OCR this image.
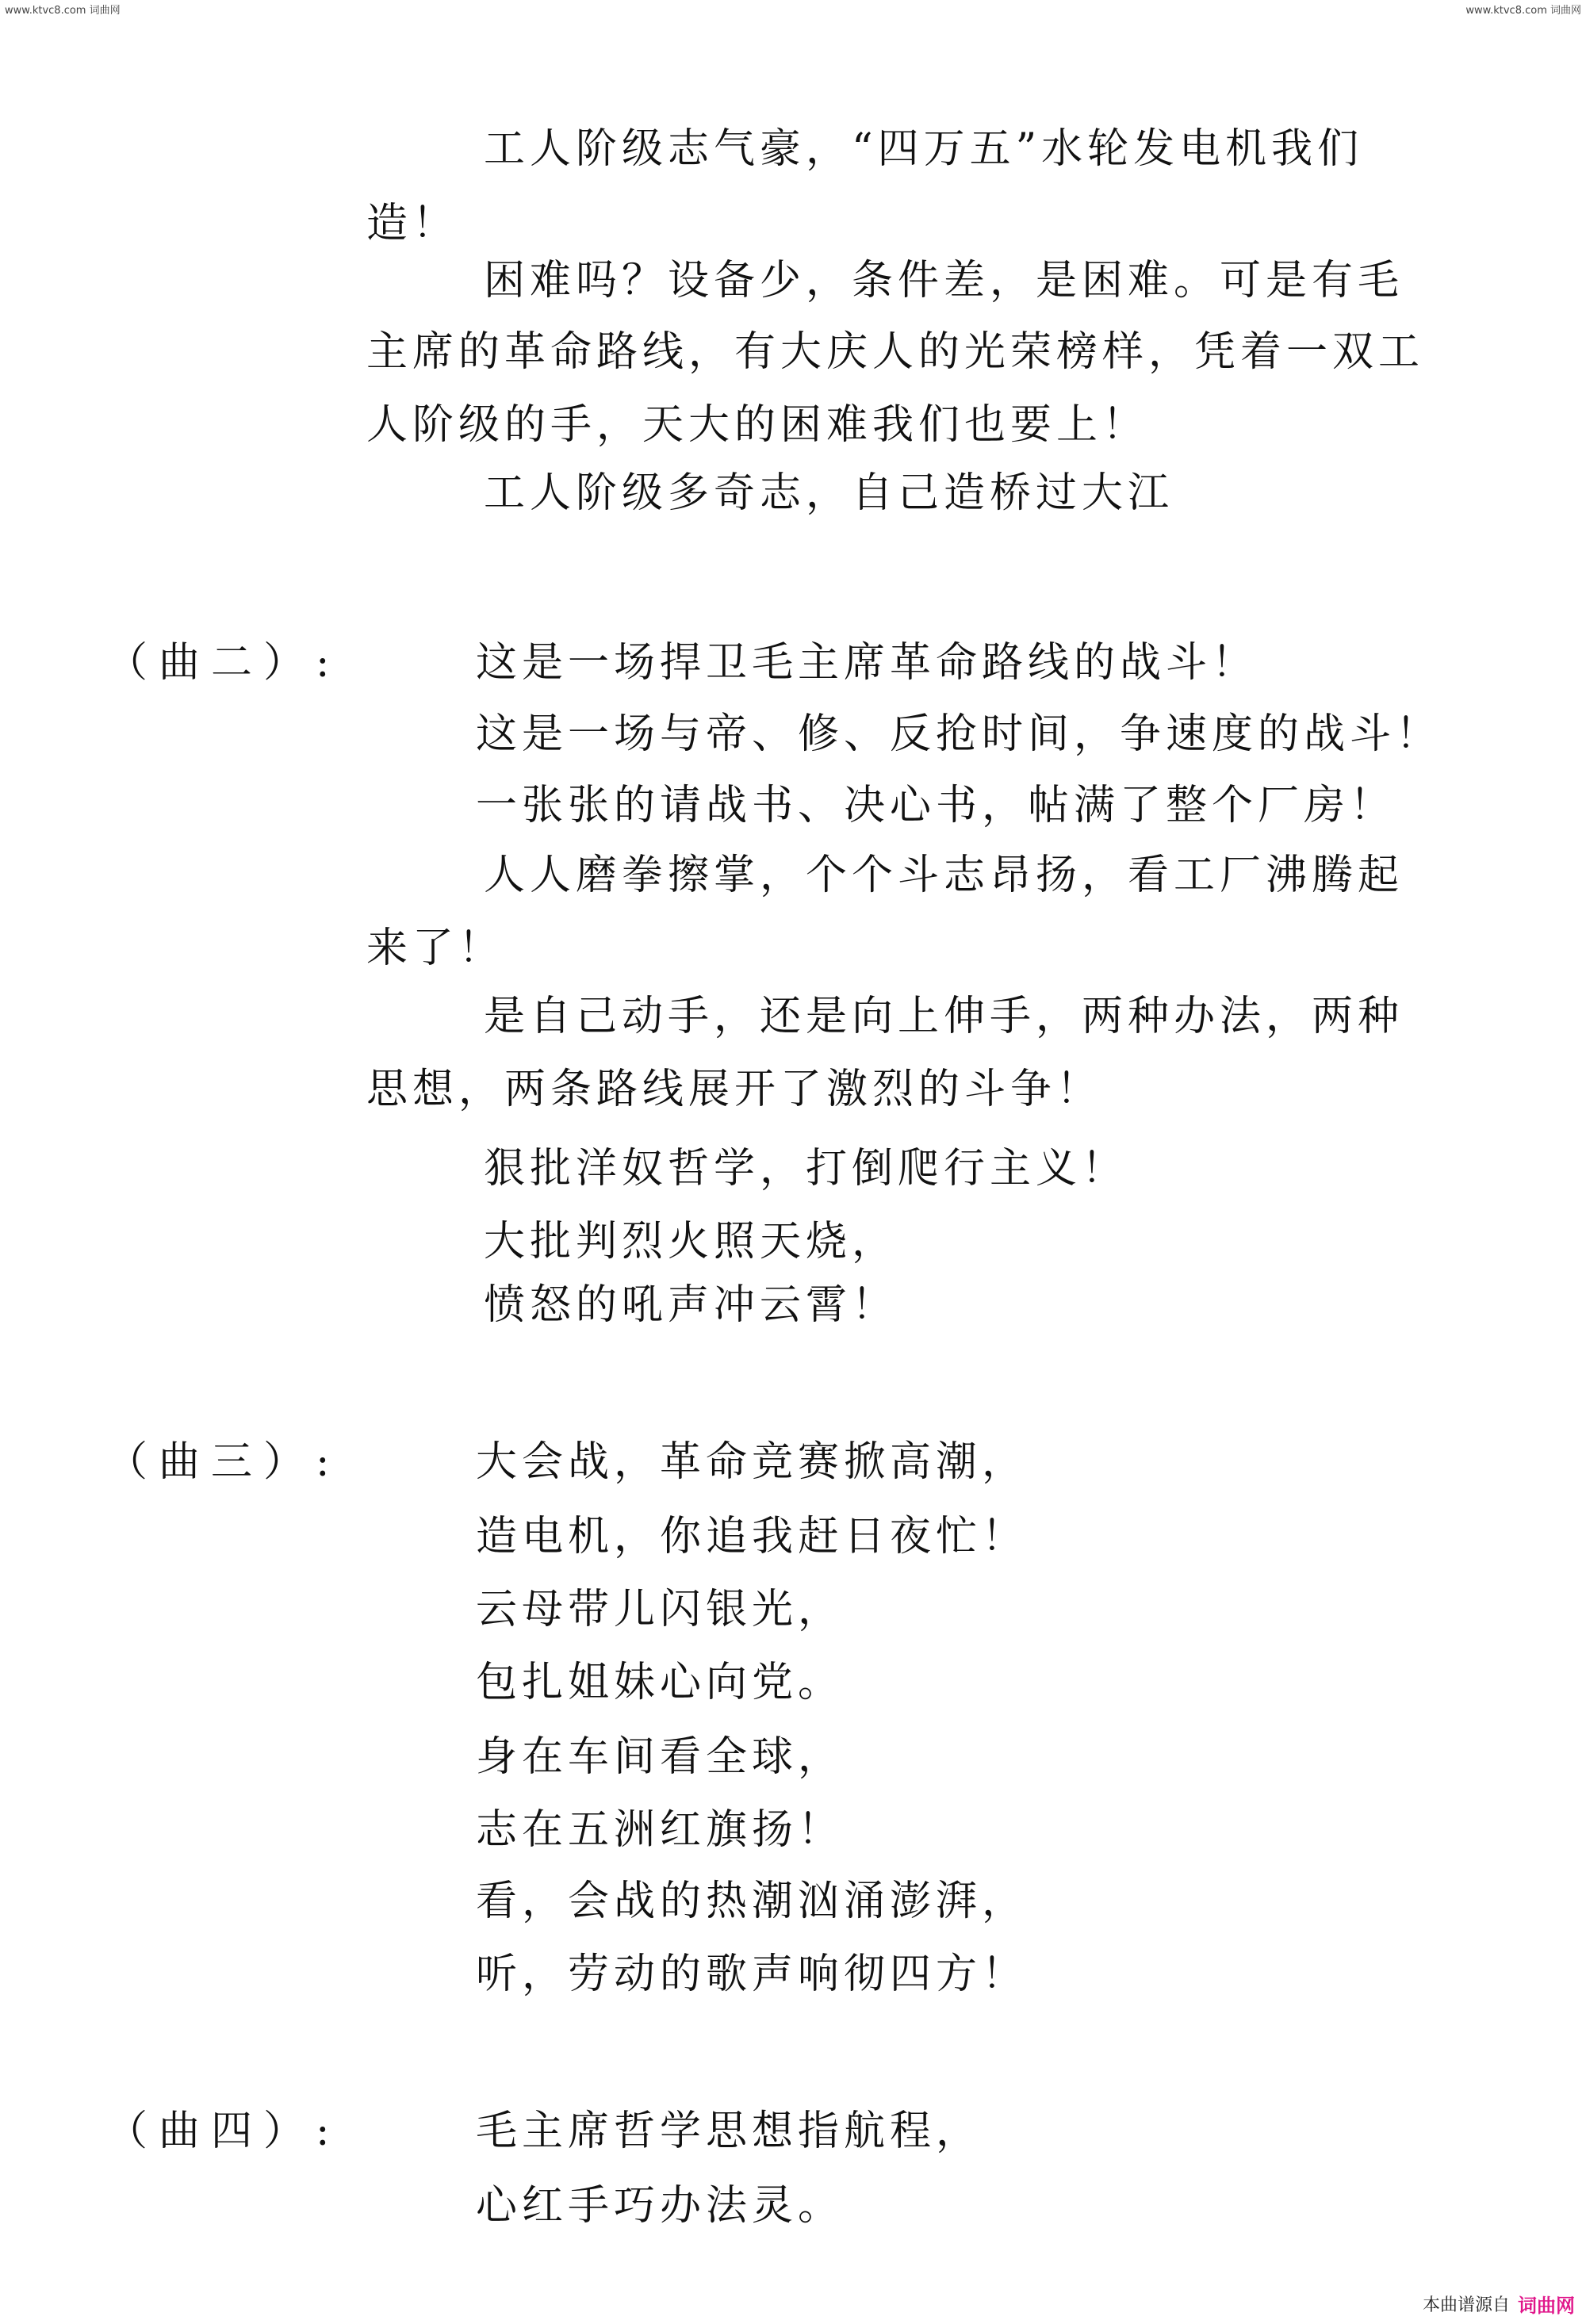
www.ktvc8.com 词曲网	www.ktvc8.com 词曲网
工人阶级志气豪，“四万五”水轮发电机我们
造！
困难吗？设备少，条件差，是困难。可是有毛
主席的革命路线，有大庆人的光荣榜样，凭着一双工
人阶级的手，天大的困难我们也要上！
工人阶级多奇志，自己造桥过大江
（曲二）:	这是一场捍卫毛主席革命路线的战斗！
这是一场与帝、修、反抢时间，争速度的战斗！
一张张的请战书、决心书，帖满了整个厂房！
人人磨拳擦掌，个个斗志昂扬，看工厂沸腾起
来了！
是自己动手，还是向上伸手，两种办法，两种
思想，两条路线展开了激烈的斗争！
狠批洋奴哲学，打倒爬行主义！
大批判烈火照天烧，
愤怒的吼声冲云霄！
（曲三）:	大会战，革命竞赛掀高潮，
造电机，你追我赶日夜忙！
云母带儿闪银光，
包扎姐妹心向党。
身在车间看全球，
志在五洲红旗扬！
看，会战的热潮汹涌澎湃，
听，劳动的歌声响彻四方！
（曲四）:	毛主席哲学思想指航程，
心红手巧办法灵。
本曲谱源自 词曲网
